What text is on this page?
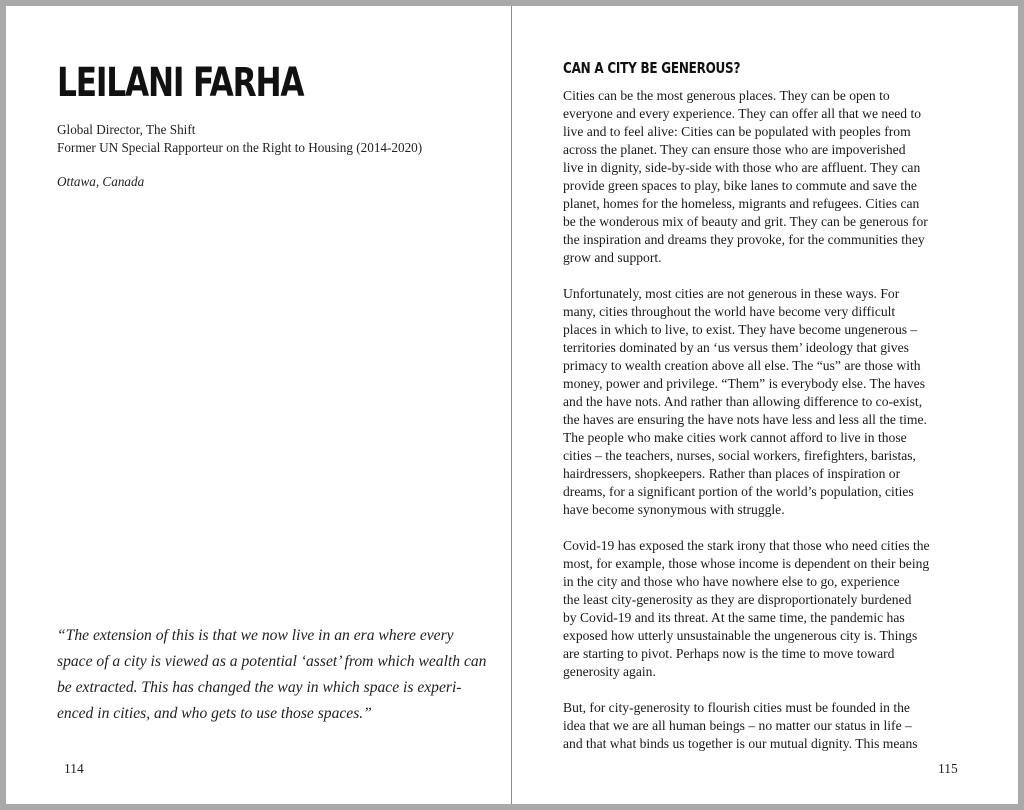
LEILANI FARHA
Global Director, The Shift
Former UN Special Rapporteur on the Right to Housing (2014-2020)
Ottawa, Canada
“The extension of this is that we now live in an era where every
space of a city is viewed as a potential ‘asset’ from which wealth can
be extracted. This has changed the way in which space is experi-
enced in cities, and who gets to use those spaces.”
114
CAN A CITY BE GENEROUS?
Cities can be the most generous places. They can be open to
everyone and every experience. They can offer all that we need to
live and to feel alive: Cities can be populated with peoples from
across the planet. They can ensure those who are impoverished
live in dignity, side-by-side with those who are affluent. They can
provide green spaces to play, bike lanes to commute and save the
planet, homes for the homeless, migrants and refugees. Cities can
be the wonderous mix of beauty and grit. They can be generous for
the inspiration and dreams they provoke, for the communities they
grow and support.
Unfortunately, most cities are not generous in these ways. For
many, cities throughout the world have become very difficult
places in which to live, to exist. They have become ungenerous –
territories dominated by an ‘us versus them’ ideology that gives
primacy to wealth creation above all else. The “us” are those with
money, power and privilege. “Them” is everybody else. The haves
and the have nots. And rather than allowing difference to co-exist,
the haves are ensuring the have nots have less and less all the time.
The people who make cities work cannot afford to live in those
cities – the teachers, nurses, social workers, firefighters, baristas,
hairdressers, shopkeepers. Rather than places of inspiration or
dreams, for a significant portion of the world’s population, cities
have become synonymous with struggle.
Covid-19 has exposed the stark irony that those who need cities the
most, for example, those whose income is dependent on their being
in the city and those who have nowhere else to go, experience
the least city-generosity as they are disproportionately burdened
by Covid-19 and its threat. At the same time, the pandemic has
exposed how utterly unsustainable the ungenerous city is. Things
are starting to pivot. Perhaps now is the time to move toward
generosity again.
But, for city-generosity to flourish cities must be founded in the
idea that we are all human beings – no matter our status in life –
and that what binds us together is our mutual dignity. This means
115
